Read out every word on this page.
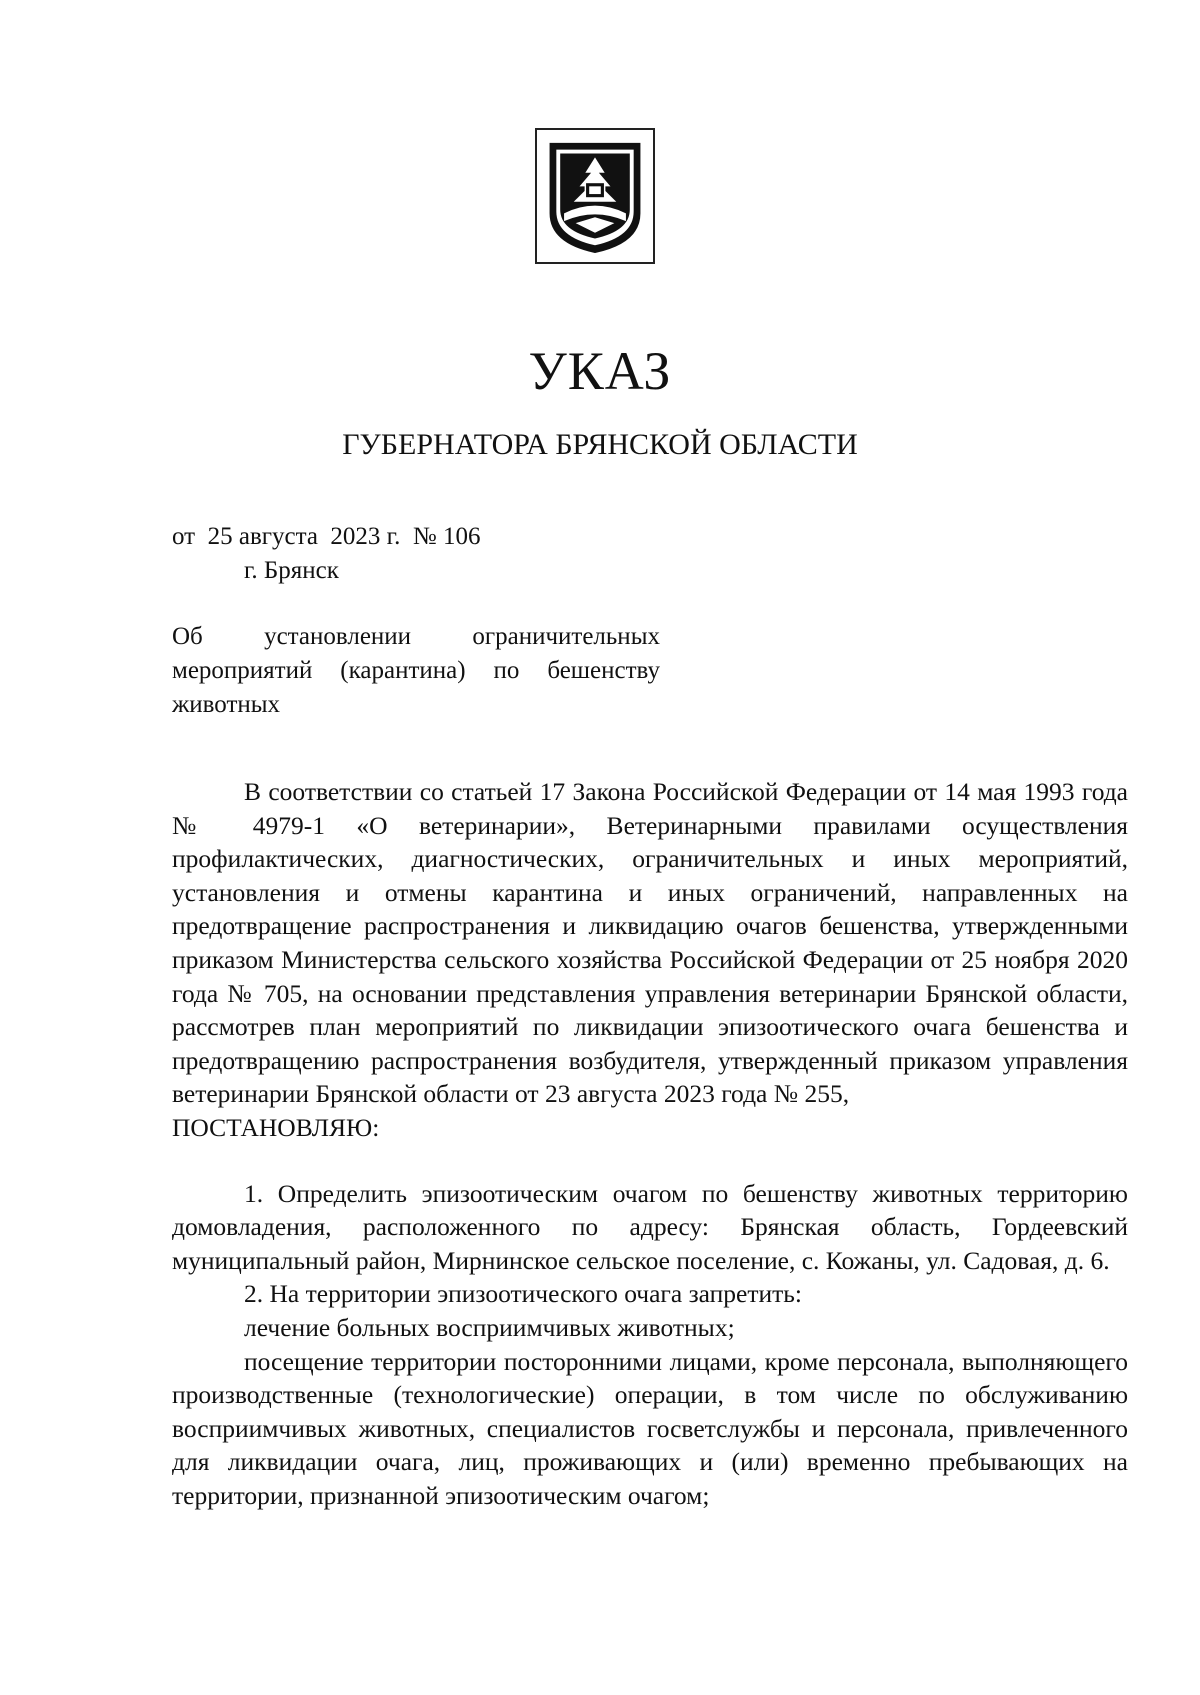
УКАЗ
ГУБЕРНАТОРА БРЯНСКОЙ ОБЛАСТИ
от  25 августа  2023 г.  № 106
г. Брянск
Об установлении ограничительных мероприятий (карантина) по бешенству животных

В соответствии со статьей 17 Закона Российской Федерации от 14 мая 1993 года № 4979-1 «О ветеринарии», Ветеринарными правилами осуществления профилактических, диагностических, ограничительных и иных мероприятий, установления и отмены карантина и иных ограничений, направленных на предотвращение распространения и ликвидацию очагов бешенства, утвержденными приказом Министерства сельского хозяйства Российской Федерации от 25 ноября 2020 года № 705, на основании представления управления ветеринарии Брянской области, рассмотрев план мероприятий по ликвидации эпизоотического очага бешенства и предотвращению распространения возбудителя, утвержденный приказом управления ветеринарии Брянской области от 23 августа 2023 года № 255,

ПОСТАНОВЛЯЮ:

1. Определить эпизоотическим очагом по бешенству животных территорию домовладения, расположенного по адресу: Брянская область, Гордеевский муниципальный район, Мирнинское сельское поселение, с. Кожаны, ул. Садовая, д. 6.

2. На территории эпизоотического очага запретить:

лечение больных восприимчивых животных;

посещение территории посторонними лицами, кроме персонала, выполняющего производственные (технологические) операции, в том числе по обслуживанию восприимчивых животных, специалистов госветслужбы и персонала, привлеченного для ликвидации очага, лиц, проживающих и (или) временно пребывающих на территории, признанной эпизоотическим очагом;
